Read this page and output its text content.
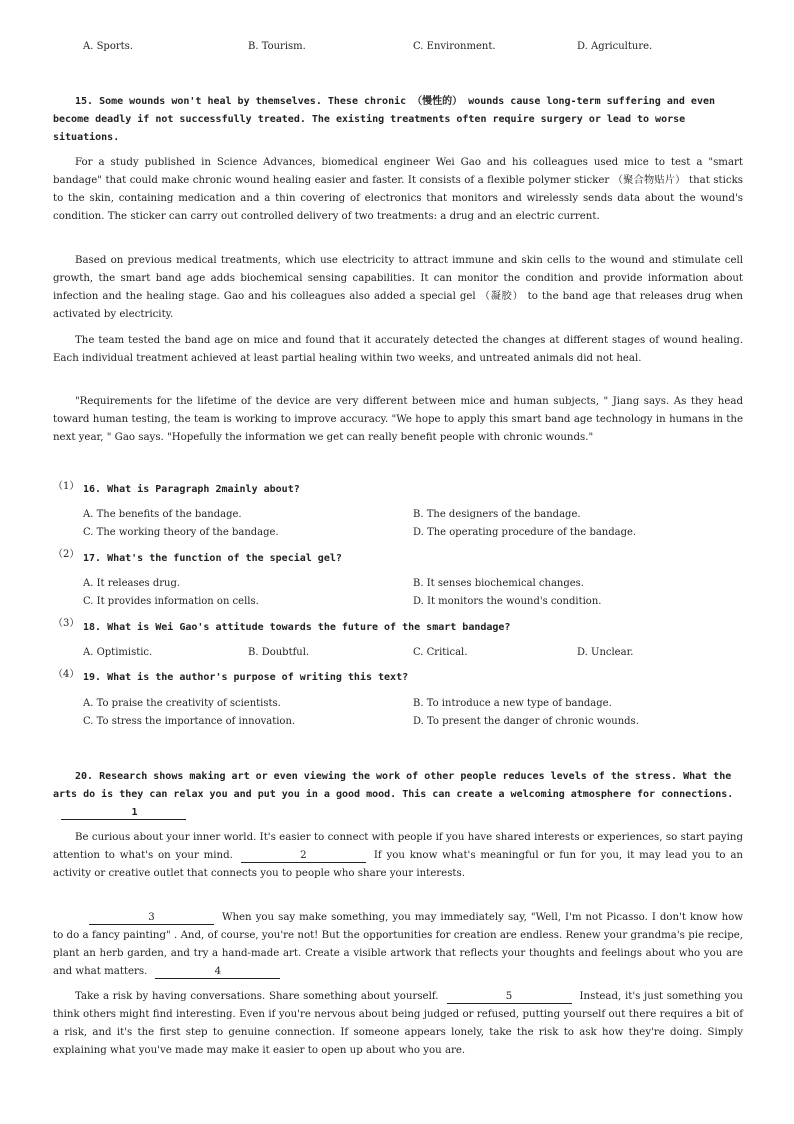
A. Sports.	B. Tourism.	C. Environment.	D. Agriculture.
15. Some wounds won't heal by themselves. These chronic （慢性的） wounds cause long-term suffering and even become deadly if not successfully treated. The existing treatments often require surgery or lead to worse situations.
For a study published in Science Advances, biomedical engineer Wei Gao and his colleagues used mice to test a "smart bandage" that could make chronic wound healing easier and faster. It consists of a flexible polymer sticker （聚合物贴片） that sticks to the skin, containing medication and a thin covering of electronics that monitors and wirelessly sends data about the wound's condition. The sticker can carry out controlled delivery of two treatments: a drug and an electric current.
Based on previous medical treatments, which use electricity to attract immune and skin cells to the wound and stimulate cell growth, the smart band age adds biochemical sensing capabilities. It can monitor the condition and provide information about infection and the healing stage. Gao and his colleagues also added a special gel （凝胶） to the band age that releases drug when activated by electricity.
The team tested the band age on mice and found that it accurately detected the changes at different stages of wound healing. Each individual treatment achieved at least partial healing within two weeks, and untreated animals did not heal.
"Requirements for the lifetime of the device are very different between mice and human subjects, " Jiang says. As they head toward human testing, the team is working to improve accuracy. "We hope to apply this smart band age technology in humans in the next year, " Gao says. "Hopefully the information we get can really benefit people with chronic wounds."
（1） 16. What is Paragraph 2mainly about?
A. The benefits of the bandage.	B. The designers of the bandage.
C. The working theory of the bandage.	D. The operating procedure of the bandage.
（2） 17. What's the function of the special gel?
A. It releases drug.	B. It senses biochemical changes.
C. It provides information on cells.	D. It monitors the wound's condition.
（3） 18. What is Wei Gao's attitude towards the future of the smart bandage?
A. Optimistic.	B. Doubtful.	C. Critical.	D. Unclear.
（4） 19. What is the author's purpose of writing this text?
A. To praise the creativity of scientists.	B. To introduce a new type of bandage.
C. To stress the importance of innovation.	D. To present the danger of chronic wounds.
20. Research shows making art or even viewing the work of other people reduces levels of the stress. What the arts do is they can relax you and put you in a good mood. This can create a welcoming atmosphere for connections.1
Be curious about your inner world. It's easier to connect with people if you have shared interests or experiences, so start paying attention to what's on your mind.	2	If you know what's meaningful or fun for you, it may lead you to an activity or creative outlet that connects you to people who share your interests.
3	When you say make something, you may immediately say, "Well, I'm not Picasso. I don't know how to do a fancy painting" . And, of course, you're not! But the opportunities for creation are endless. Renew your grandma's pie recipe, plant an herb garden, and try a hand-made art. Create a visible artwork that reflects your thoughts and feelings about who you are and what matters.	4
Take a risk by having conversations. Share something about yourself.	5	Instead, it's just something you think others might find interesting. Even if you're nervous about being judged or refused, putting yourself out there requires a bit of a risk, and it's the first step to genuine connection. If someone appears lonely, take the risk to ask how they're doing. Simply explaining what you've made may make it easier to open up about who you are.
